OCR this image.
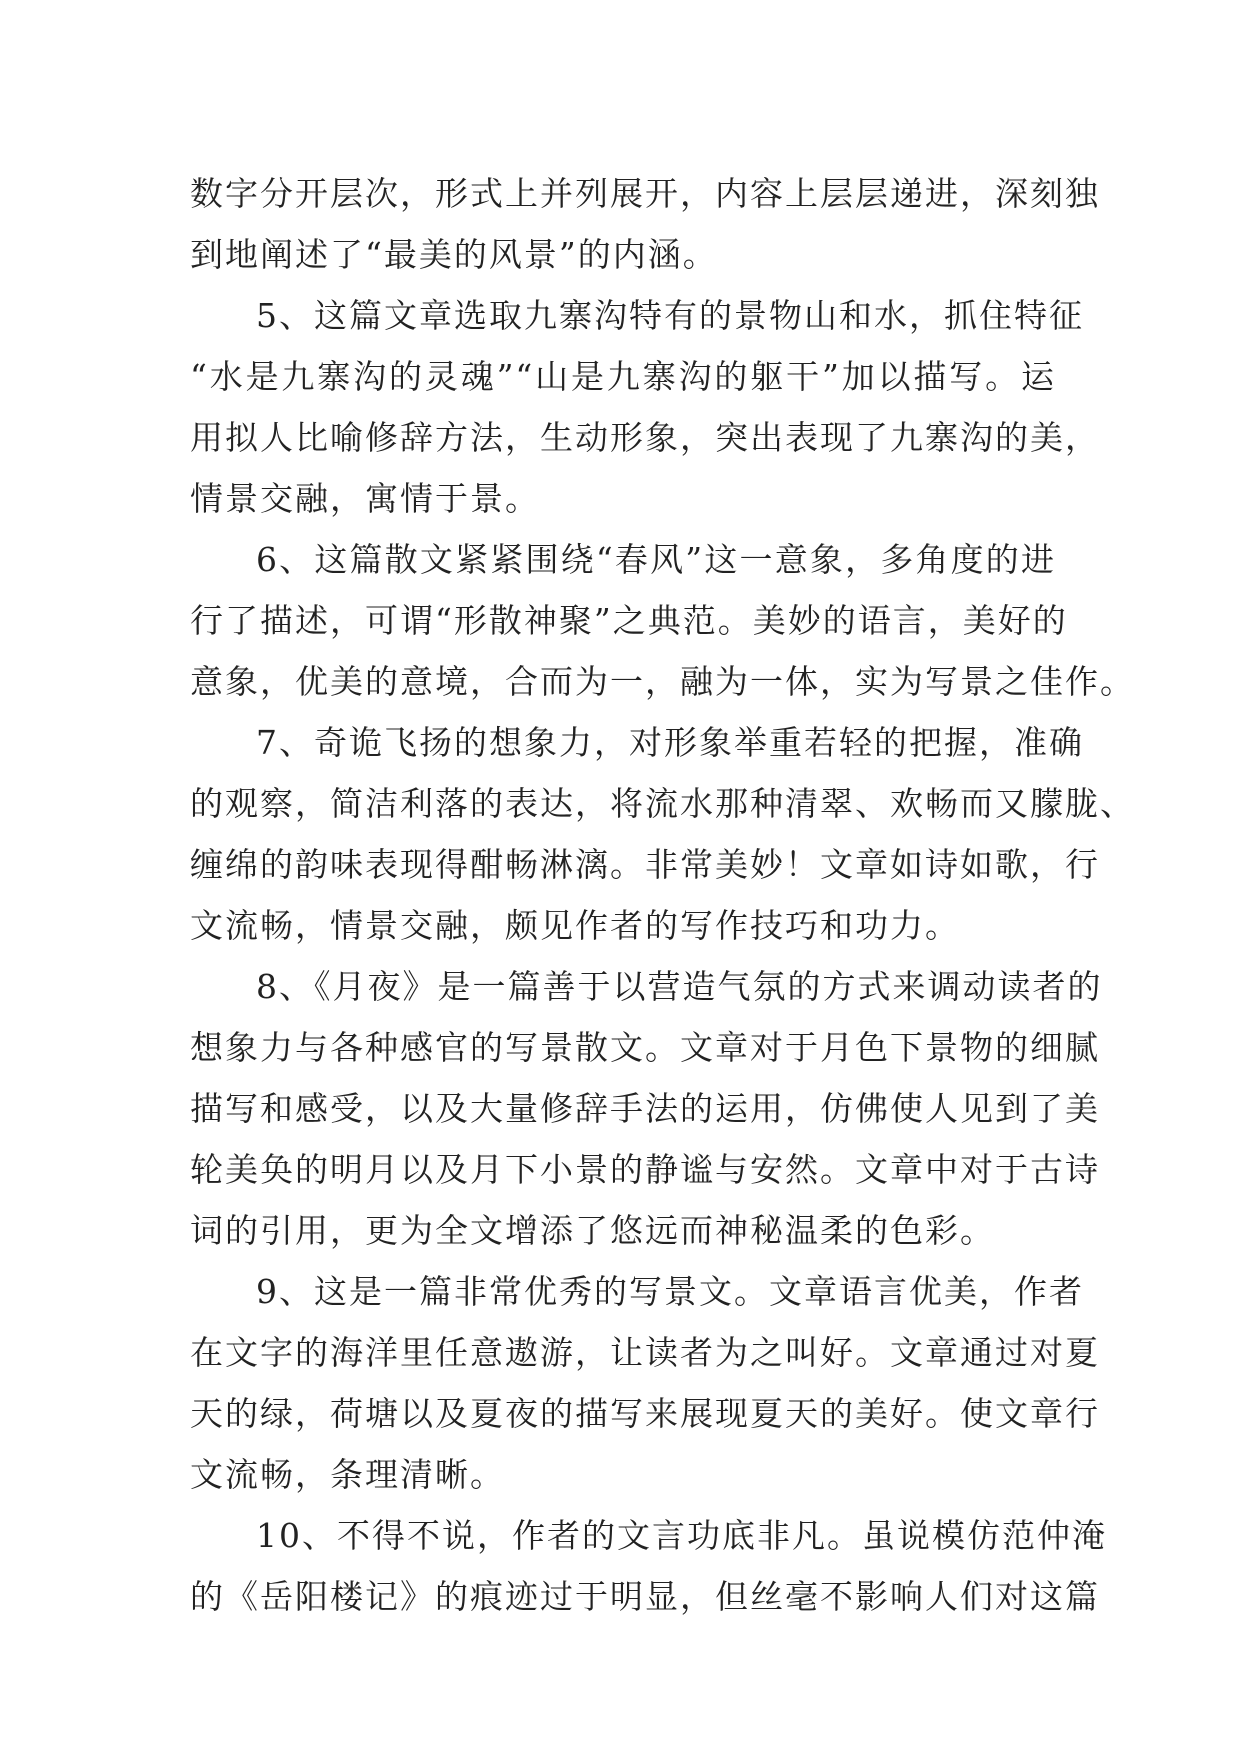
数字分开层次，形式上并列展开，内容上层层递进，深刻独
到地阐述了“最美的风景”的内涵。
5、这篇文章选取九寨沟特有的景物山和水，抓住特征
“水是九寨沟的灵魂”“山是九寨沟的躯干”加以描写。运
用拟人比喻修辞方法，生动形象，突出表现了九寨沟的美，
情景交融，寓情于景。
6、这篇散文紧紧围绕“春风”这一意象，多角度的进
行了描述，可谓“形散神聚”之典范。美妙的语言，美好的
意象，优美的意境，合而为一，融为一体，实为写景之佳作。
7、奇诡飞扬的想象力，对形象举重若轻的把握，准确
的观察，简洁利落的表达，将流水那种清翠、欢畅而又朦胧、
缠绵的韵味表现得酣畅淋漓。非常美妙！文章如诗如歌，行
文流畅，情景交融，颇见作者的写作技巧和功力。
8、《月夜》是一篇善于以营造气氛的方式来调动读者的
想象力与各种感官的写景散文。文章对于月色下景物的细腻
描写和感受，以及大量修辞手法的运用，仿佛使人见到了美
轮美奂的明月以及月下小景的静谧与安然。文章中对于古诗
词的引用，更为全文增添了悠远而神秘温柔的色彩。
9、这是一篇非常优秀的写景文。文章语言优美，作者
在文字的海洋里任意遨游，让读者为之叫好。文章通过对夏
天的绿，荷塘以及夏夜的描写来展现夏天的美好。使文章行
文流畅，条理清晰。
10、不得不说，作者的文言功底非凡。虽说模仿范仲淹
的《岳阳楼记》的痕迹过于明显，但丝毫不影响人们对这篇
